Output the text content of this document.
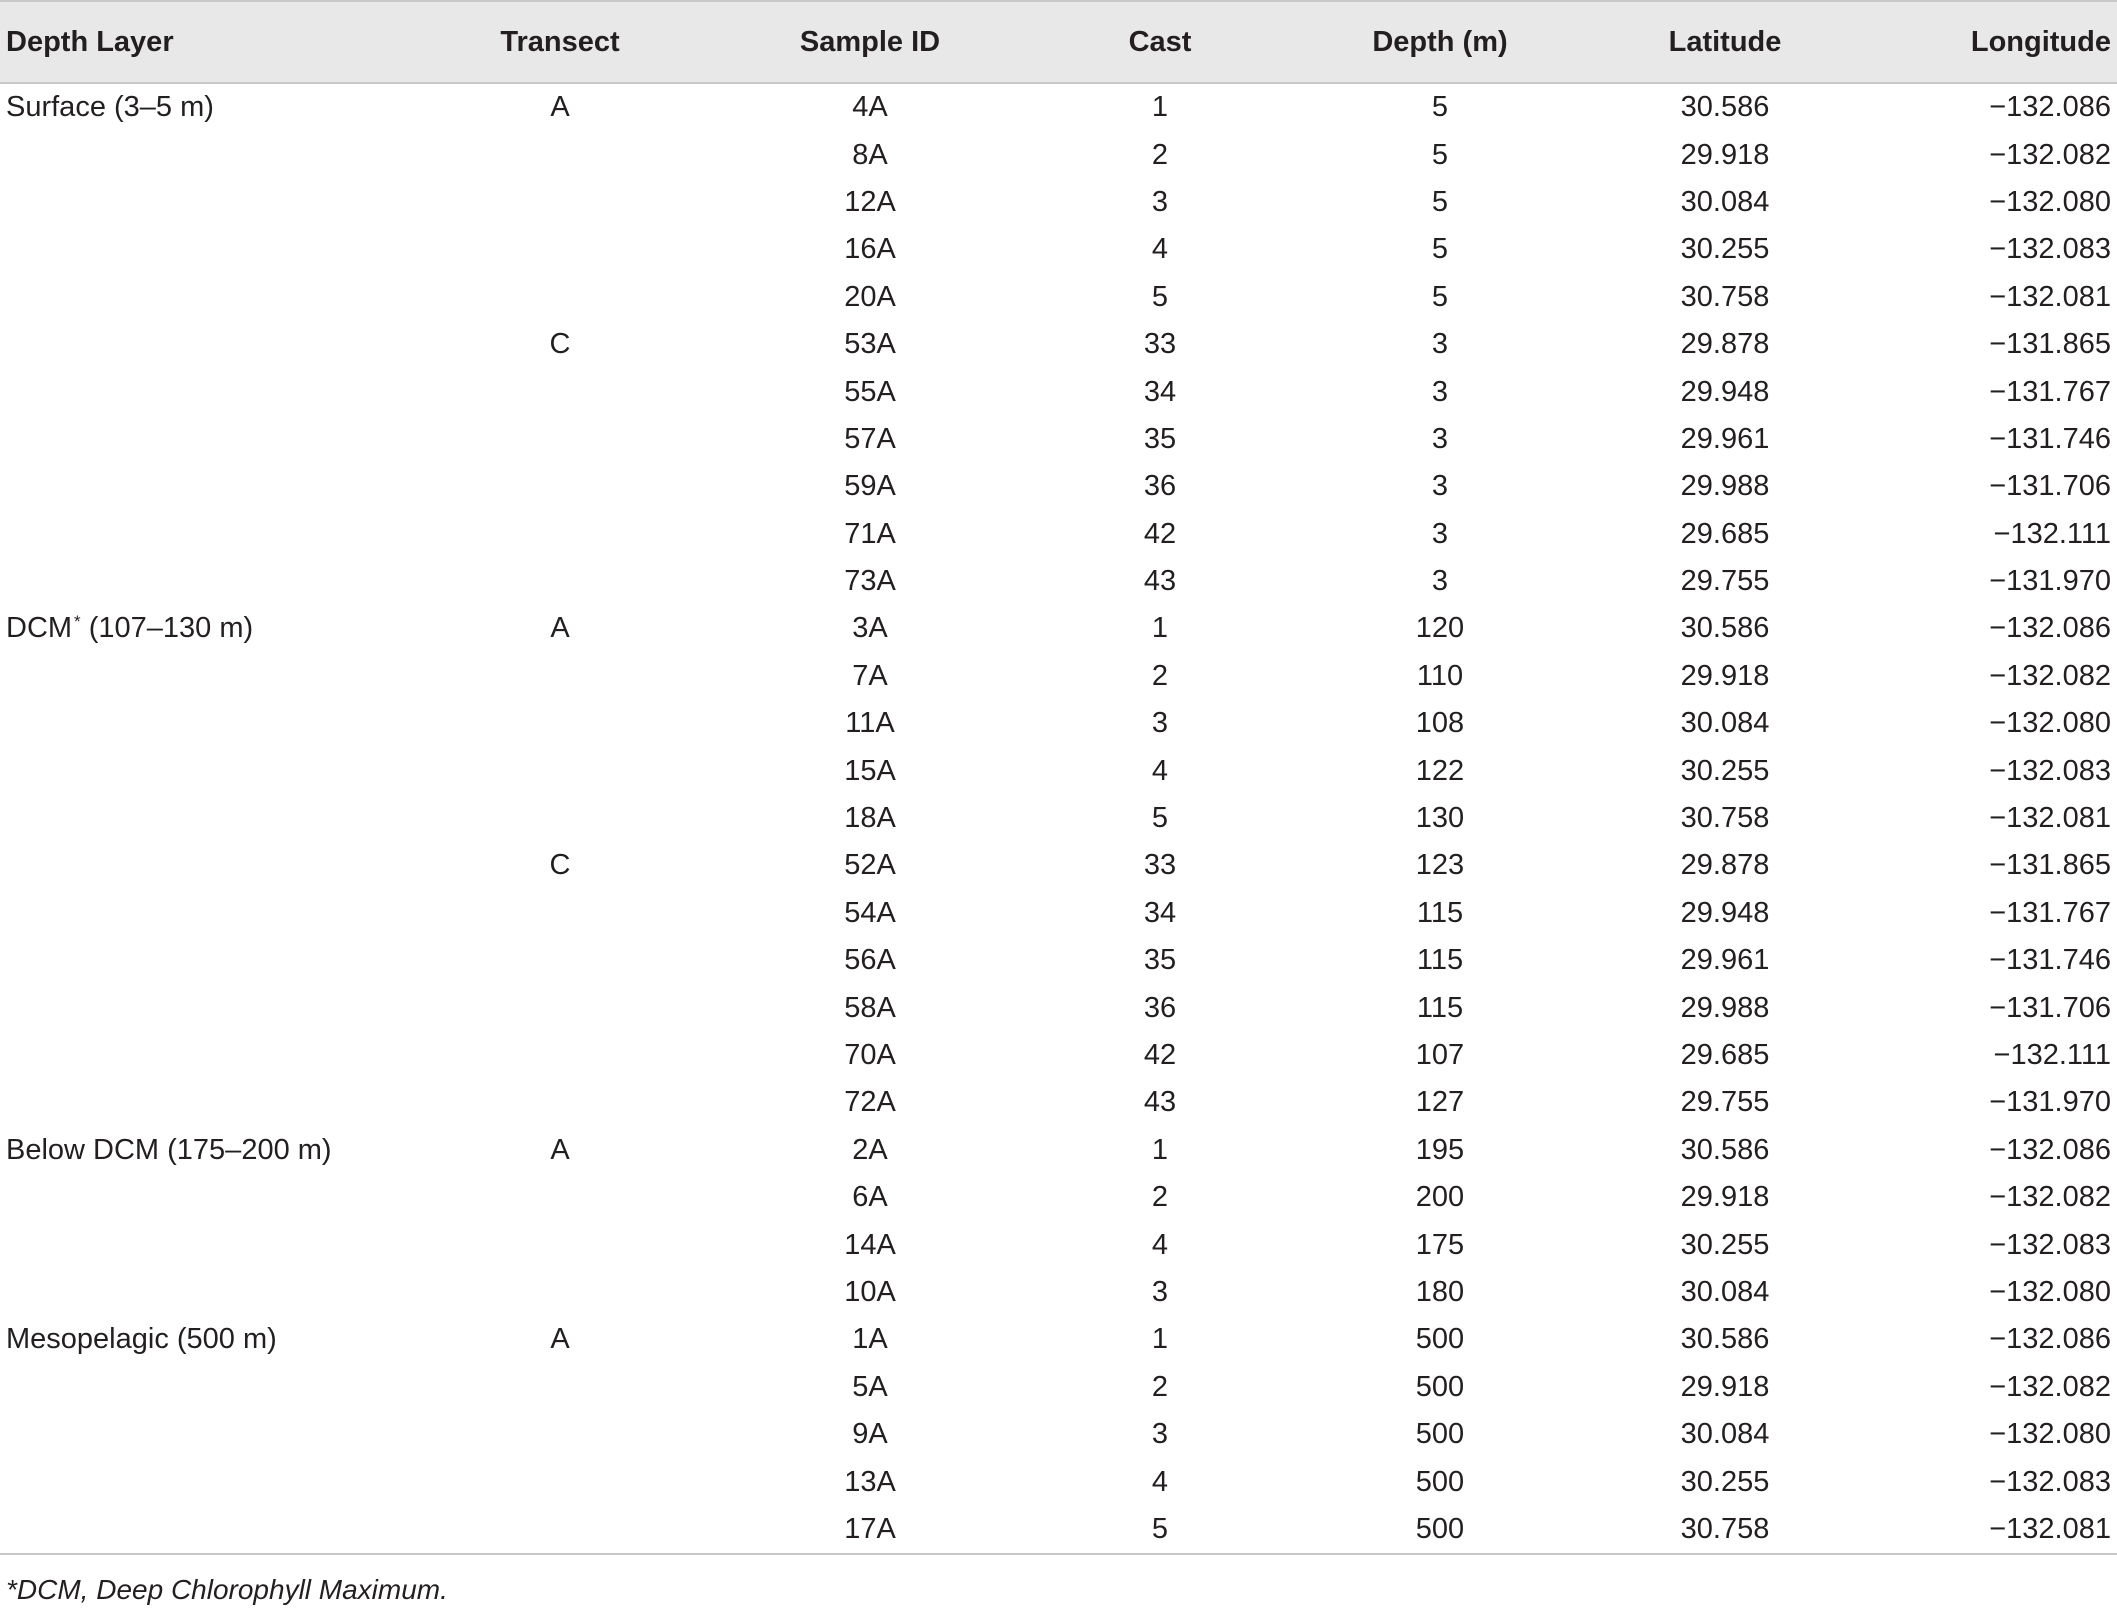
Depth Layer	Transect	Sample ID	Cast	Depth (m)	Latitude	Longitude
Surface (3–5 m)	A	4A	1	5	30.586	−132.086
		8A	2	5	29.918	−132.082
		12A	3	5	30.084	−132.080
		16A	4	5	30.255	−132.083
		20A	5	5	30.758	−132.081
	C	53A	33	3	29.878	−131.865
		55A	34	3	29.948	−131.767
		57A	35	3	29.961	−131.746
		59A	36	3	29.988	−131.706
		71A	42	3	29.685	−132.111
		73A	43	3	29.755	−131.970
DCM * (107–130 m)	A	3A	1	120	30.586	−132.086
		7A	2	110	29.918	−132.082
		11A	3	108	30.084	−132.080
		15A	4	122	30.255	−132.083
		18A	5	130	30.758	−132.081
	C	52A	33	123	29.878	−131.865
		54A	34	115	29.948	−131.767
		56A	35	115	29.961	−131.746
		58A	36	115	29.988	−131.706
		70A	42	107	29.685	−132.111
		72A	43	127	29.755	−131.970
Below DCM (175–200 m)	A	2A	1	195	30.586	−132.086
		6A	2	200	29.918	−132.082
		14A	4	175	30.255	−132.083
		10A	3	180	30.084	−132.080
Mesopelagic (500 m)	A	1A	1	500	30.586	−132.086
		5A	2	500	29.918	−132.082
		9A	3	500	30.084	−132.080
		13A	4	500	30.255	−132.083
		17A	5	500	30.758	−132.081
*DCM, Deep Chlorophyll Maximum.
